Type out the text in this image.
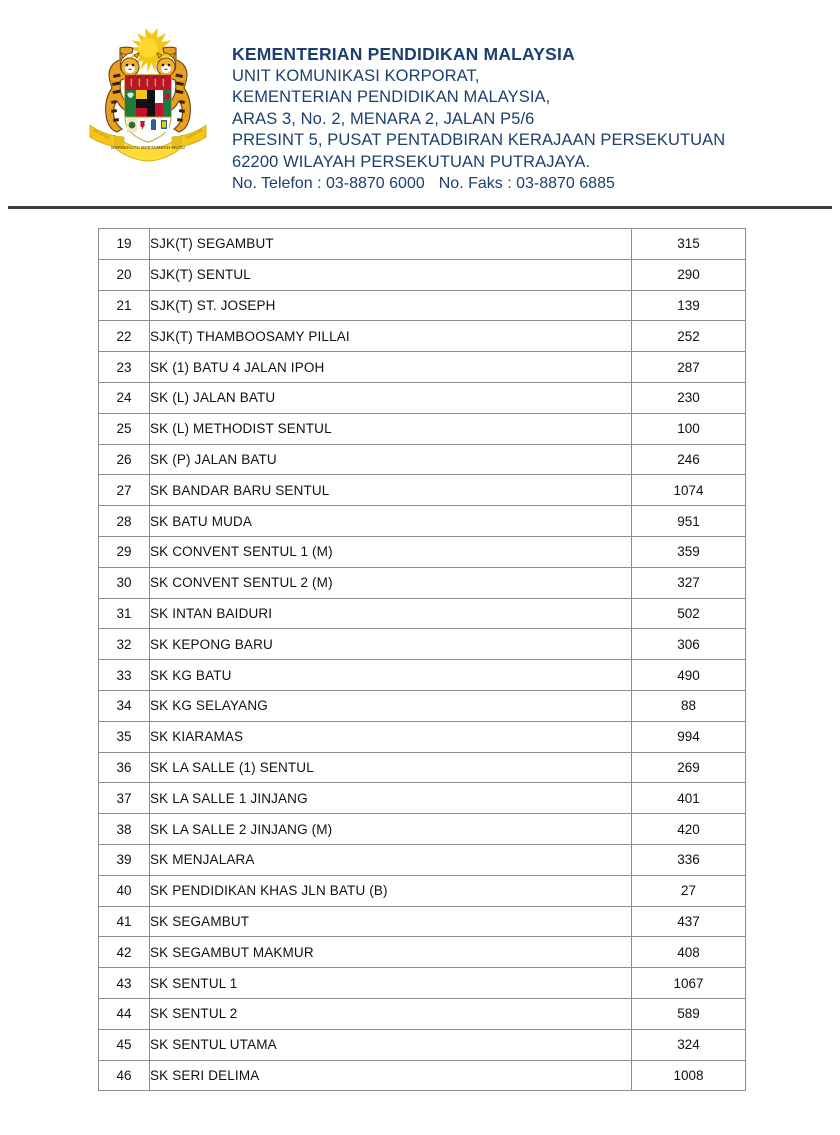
BERSEKUTU BERTAMBAH MUTU
MALAYSIA	MALAYSIA
KEMENTERIAN PENDIDIKAN MALAYSIA
UNIT KOMUNIKASI KORPORAT,
KEMENTERIAN PENDIDIKAN MALAYSIA,
ARAS 3, No. 2, MENARA 2, JALAN P5/6
PRESINT 5, PUSAT PENTADBIRAN KERAJAAN PERSEKUTUAN
62200 WILAYAH PERSEKUTUAN PUTRAJAYA.
No. Telefon : 03-8870 6000 No. Faks : 03-8870 6885
19	SJK(T) SEGAMBUT	315
20	SJK(T) SENTUL	290
21	SJK(T) ST. JOSEPH	139
22	SJK(T) THAMBOOSAMY PILLAI	252
23	SK (1) BATU 4 JALAN IPOH	287
24	SK (L) JALAN BATU	230
25	SK (L) METHODIST SENTUL	100
26	SK (P) JALAN BATU	246
27	SK BANDAR BARU SENTUL	1074
28	SK BATU MUDA	951
29	SK CONVENT SENTUL 1 (M)	359
30	SK CONVENT SENTUL 2 (M)	327
31	SK INTAN BAIDURI	502
32	SK KEPONG BARU	306
33	SK KG BATU	490
34	SK KG SELAYANG	88
35	SK KIARAMAS	994
36	SK LA SALLE (1) SENTUL	269
37	SK LA SALLE 1 JINJANG	401
38	SK LA SALLE 2 JINJANG (M)	420
39	SK MENJALARA	336
40	SK PENDIDIKAN KHAS JLN BATU (B)	27
41	SK SEGAMBUT	437
42	SK SEGAMBUT MAKMUR	408
43	SK SENTUL 1	1067
44	SK SENTUL 2	589
45	SK SENTUL UTAMA	324
46	SK SERI DELIMA	1008
